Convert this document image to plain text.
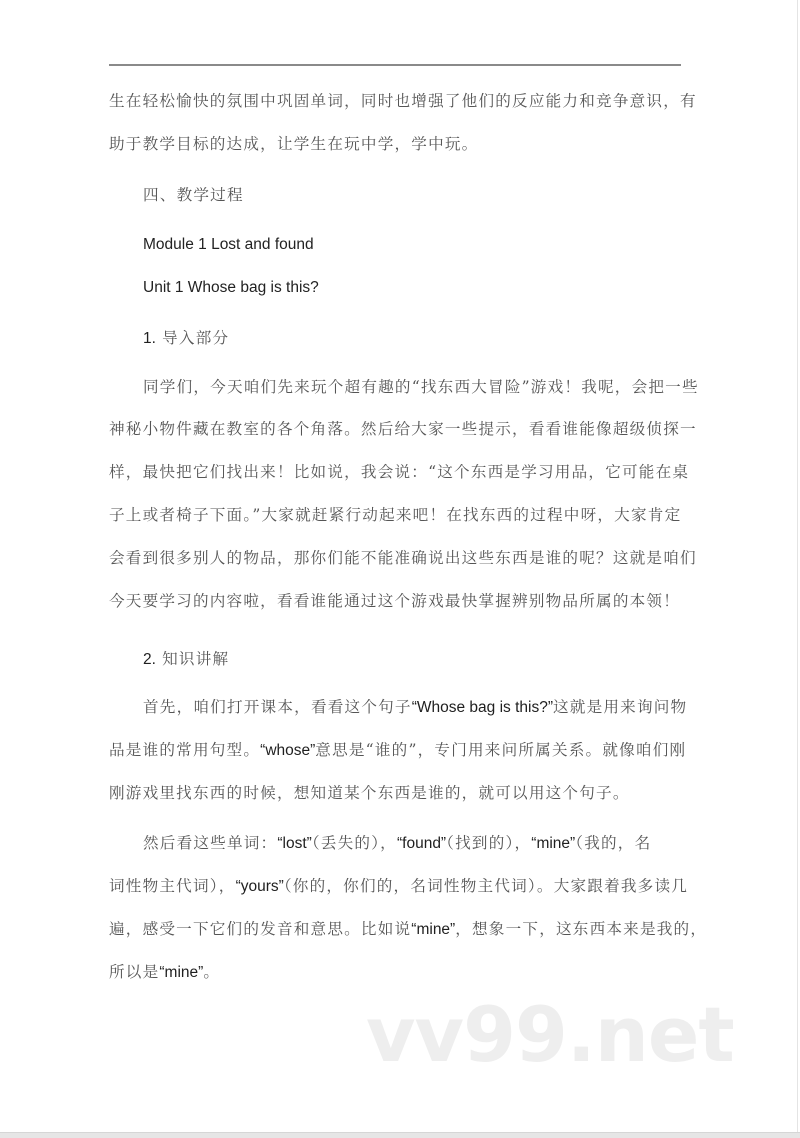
生在轻松愉快的氛围中巩固单词，同时也增强了他们的反应能力和竞争意识，有
助于教学目标的达成，让学生在玩中学，学中玩。
四、教学过程
Module 1 Lost and found
Unit 1 Whose bag is this?
1. 导入部分
同学们，今天咱们先来玩个超有趣的“找东西大冒险”游戏！我呢，会把一些
神秘小物件藏在教室的各个角落。然后给大家一些提示，看看谁能像超级侦探一
样，最快把它们找出来！比如说，我会说：“这个东西是学习用品，它可能在桌
子上或者椅子下面。”大家就赶紧行动起来吧！在找东西的过程中呀，大家肯定
会看到很多别人的物品，那你们能不能准确说出这些东西是谁的呢？这就是咱们
今天要学习的内容啦，看看谁能通过这个游戏最快掌握辨别物品所属的本领！
2. 知识讲解
首先，咱们打开课本，看看这个句子“Whose bag is this?”这就是用来询问物
品是谁的常用句型。“whose”意思是“谁的”，专门用来问所属关系。就像咱们刚
刚游戏里找东西的时候，想知道某个东西是谁的，就可以用这个句子。
然后看这些单词：“lost”（丢失的），“found”（找到的），“mine”（我的，名
词性物主代词），“yours”（你的，你们的，名词性物主代词）。大家跟着我多读几
遍，感受一下它们的发音和意思。比如说“mine”，想象一下，这东西本来是我的，
所以是“mine”。
vv99.net
